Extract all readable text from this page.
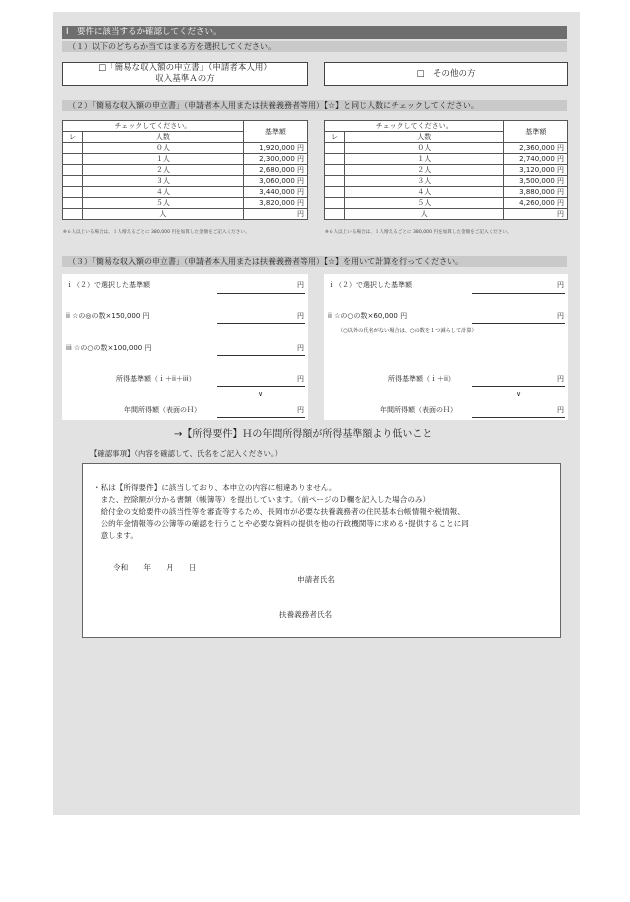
Ⅰ　要件に該当するか確認してください。
（１）以下のどちらか当てはまる方を選択してください。
□「簡易な収入額の申立書」（申請者本人用）
収入基準Ａの方
□　その他の方
（２）「簡易な収入額の申立書」（申請者本人用または扶養義務者等用）【☆】と同じ人数にチェックしてください。
チェックしてください。		基準額
レ	人数	
	０人	1,920,000 円
	１人	2,300,000 円
	２人	2,680,000 円
	３人	3,060,000 円
	４人	3,440,000 円
	５人	3,820,000 円
	人	円
チェックしてください。		基準額
レ	人数	
	０人	2,360,000 円
	１人	2,740,000 円
	２人	3,120,000 円
	３人	3,500,000 円
	４人	3,880,000 円
	５人	4,260,000 円
	人	円
※６人以上いる場合は、１人増えるごとに 380,000 円を加算した金額をご記入ください。	※６人以上いる場合は、１人増えるごとに 380,000 円を加算した金額をご記入ください。
（３）「簡易な収入額の申立書」（申請者本人用または扶養義務者等用）【☆】を用いて計算を行ってください。
ｉ（２）で選択した基準額	円
ii ☆の◎の数×150,000 円	円
iii ☆の○の数×100,000 円	円
所得基準額（ｉ＋ii＋iii）	円
∨
年間所得額（表面のＨ）	円
ｉ（２）で選択した基準額	円
ii ☆の○の数×60,000 円	円
（○以外の氏名がない場合は、○の数を１つ減らして計算）
所得基準額（ｉ＋ii）	円
∨
年間所得額（表面のＨ）	円
→【所得要件】Ｈの年間所得額が所得基準額より低いこと
【確認事項】（内容を確認して、氏名をご記入ください。）
・私は【所得要件】に該当しており、本申立の内容に相違ありません。
　また、控除額が分かる書類（帳簿等）を提出しています。（前ページのＤ欄を記入した場合のみ）
　給付金の支給要件の該当性等を審査等するため、長岡市が必要な扶養義務者の住民基本台帳情報や税情報、
　公的年金情報等の公簿等の確認を行うことや必要な資料の提供を他の行政機関等に求める･提供することに同
　意します。
令和　　年　　月　　日
申請者氏名
扶養義務者氏名
